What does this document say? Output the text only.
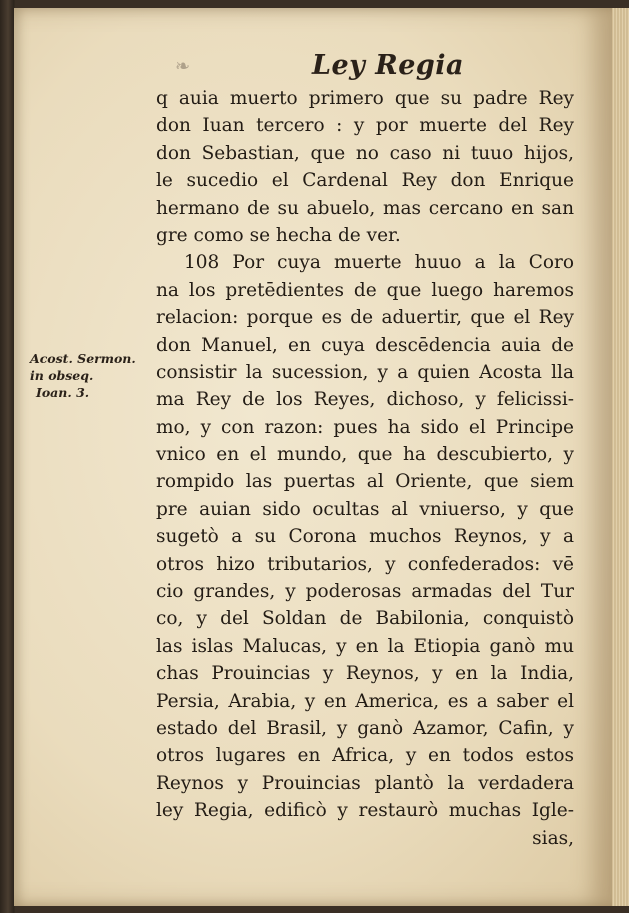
❧	Ley Regia
Acost. Sermon.
in obseq.
Ioan. 3.
q auia muerto primero que su padre Rey
don Iuan tercero : y por muerte del Rey
don Sebastian, que no caso ni tuuo hijos,
le sucedio el Cardenal Rey don Enrique
hermano de su abuelo, mas cercano en san
gre como se hecha de ver.
108 Por cuya muerte huuo a la Coro
na los pretēdientes de que luego haremos
relacion: porque es de aduertir, que el Rey
don Manuel, en cuya descēdencia auia de
consistir la sucession, y a quien Acosta lla
ma Rey de los Reyes, dichoso, y felicissi-
mo, y con razon: pues ha sido el Principe
vnico en el mundo, que ha descubierto, y
rompido las puertas al Oriente, que siem
pre auian sido ocultas al vniuerso, y que
sugetò a su Corona muchos Reynos, y a
otros hizo tributarios, y confederados: vē
cio grandes, y poderosas armadas del Tur
co, y del Soldan de Babilonia, conquistò
las islas Malucas, y en la Etiopia ganò mu
chas Prouincias y Reynos, y en la India,
Persia, Arabia, y en America, es a saber el
estado del Brasil, y ganò Azamor, Cafin, y
otros lugares en Africa, y en todos estos
Reynos y Prouincias plantò la verdadera
ley Regia, edificò y restaurò muchas Igle-
sias,
